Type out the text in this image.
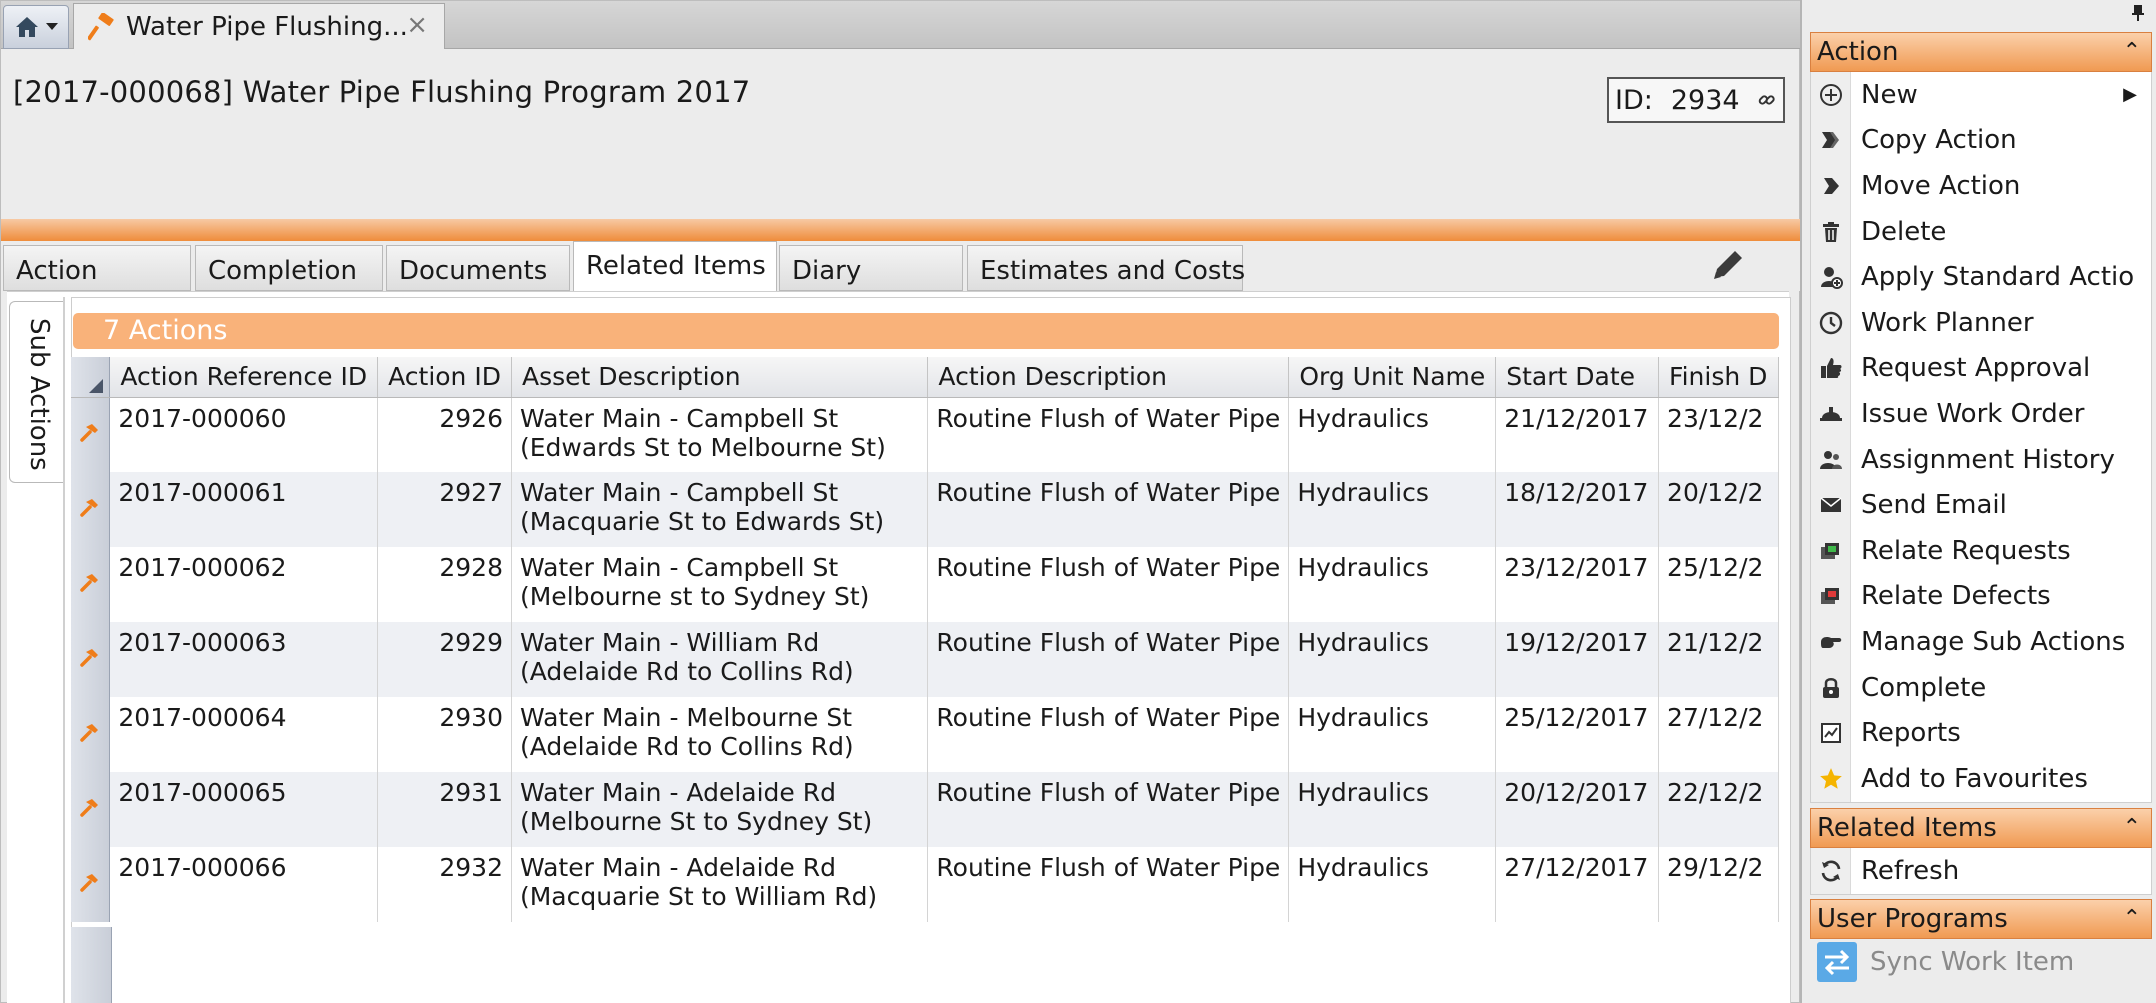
Water Pipe Flushing...
×
[2017-000068] Water Pipe Flushing Program 2017	ID: 2934
Action	Completion	Documents	Related Items	Diary	Estimates and Costs
Sub Actions	7 Actions
	Action Reference ID	Action ID	Asset Description	Action Description	Org Unit Name	Start Date	Finish D
	2017-000060	2926	Water Main - Campbell St (Edwards St to Melbourne St)	Routine Flush of Water Pipe	Hydraulics	21/12/2017	23/12/2
	2017-000061	2927	Water Main - Campbell St (Macquarie St to Edwards St)	Routine Flush of Water Pipe	Hydraulics	18/12/2017	20/12/2
	2017-000062	2928	Water Main - Campbell St (Melbourne st to Sydney St)	Routine Flush of Water Pipe	Hydraulics	23/12/2017	25/12/2
	2017-000063	2929	Water Main - William Rd (Adelaide Rd to Collins Rd)	Routine Flush of Water Pipe	Hydraulics	19/12/2017	21/12/2
	2017-000064	2930	Water Main - Melbourne St (Adelaide Rd to Collins Rd)	Routine Flush of Water Pipe	Hydraulics	25/12/2017	27/12/2
	2017-000065	2931	Water Main - Adelaide Rd (Melbourne St to Sydney St)	Routine Flush of Water Pipe	Hydraulics	20/12/2017	22/12/2
	2017-000066	2932	Water Main - Adelaide Rd (Macquarie St to William Rd)	Routine Flush of Water Pipe	Hydraulics	27/12/2017	29/12/2
Action	⌃
New	▶
Copy Action
Move Action
Delete
Apply Standard Actio
Work Planner
Request Approval
Issue Work Order
Assignment History
Send Email
Relate Requests
Relate Defects
Manage Sub Actions
Complete
Reports
Add to Favourites
Related Items	⌃
Refresh
User Programs	⌃
Sync Work Item
